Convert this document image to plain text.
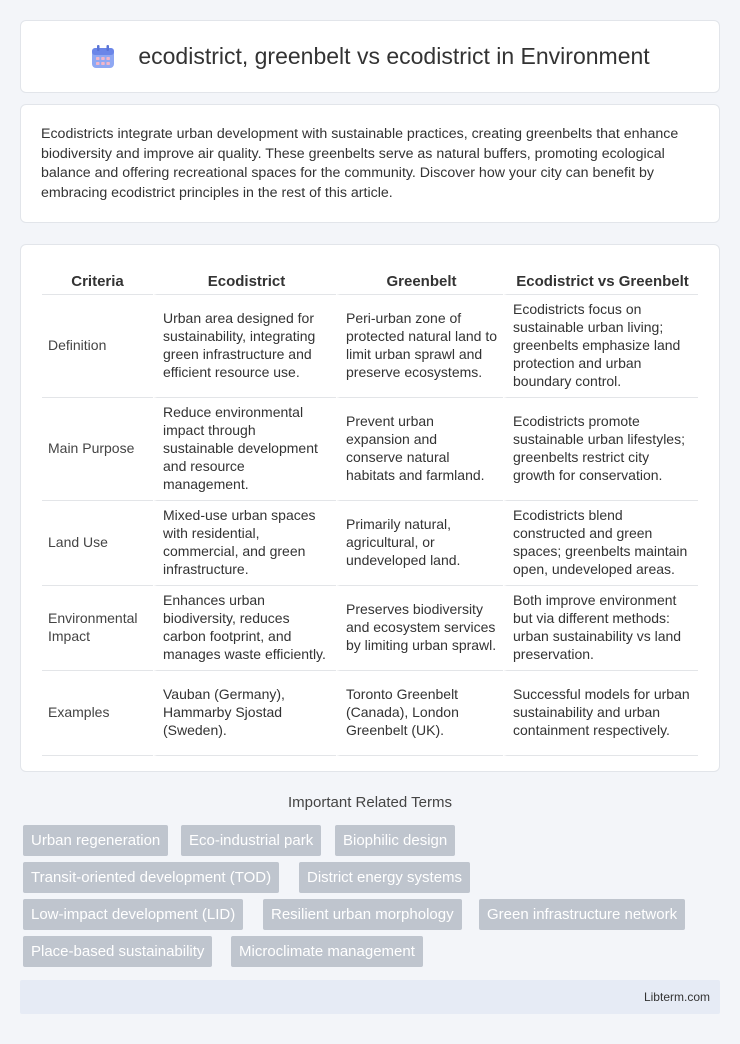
ecodistrict, greenbelt vs ecodistrict in Environment

Ecodistricts integrate urban development with sustainable practices, creating greenbelts that enhance biodiversity and improve air quality. These greenbelts serve as natural buffers, promoting ecological balance and offering recreational spaces for the community. Discover how your city can benefit by embracing ecodistrict principles in the rest of this article.

Criteria	Ecodistrict	Greenbelt	Ecodistrict vs Greenbelt
Definition	Urban area designed for sustainability, integrating green infrastructure and efficient resource use.	Peri-urban zone of protected natural land to limit urban sprawl and preserve ecosystems.	Ecodistricts focus on sustainable urban living; greenbelts emphasize land protection and urban boundary control.
Main Purpose	Reduce environmental impact through sustainable development and resource management.	Prevent urban expansion and conserve natural habitats and farmland.	Ecodistricts promote sustainable urban lifestyles; greenbelts restrict city growth for conservation.
Land Use	Mixed-use urban spaces with residential, commercial, and green infrastructure.	Primarily natural, agricultural, or undeveloped land.	Ecodistricts blend constructed and green spaces; greenbelts maintain open, undeveloped areas.
Environmental Impact	Enhances urban biodiversity, reduces carbon footprint, and manages waste efficiently.	Preserves biodiversity and ecosystem services by limiting urban sprawl.	Both improve environment but via different methods: urban sustainability vs land preservation.
Examples	Vauban (Germany), Hammarby Sjostad (Sweden).	Toronto Greenbelt (Canada), London Greenbelt (UK).	Successful models for urban sustainability and urban containment respectively.
Important Related Terms
Urban regeneration	Eco-industrial park	Biophilic design
Transit-oriented development (TOD)	District energy systems
Low-impact development (LID)	Resilient urban morphology	Green infrastructure network
Place-based sustainability	Microclimate management
Libterm.com
